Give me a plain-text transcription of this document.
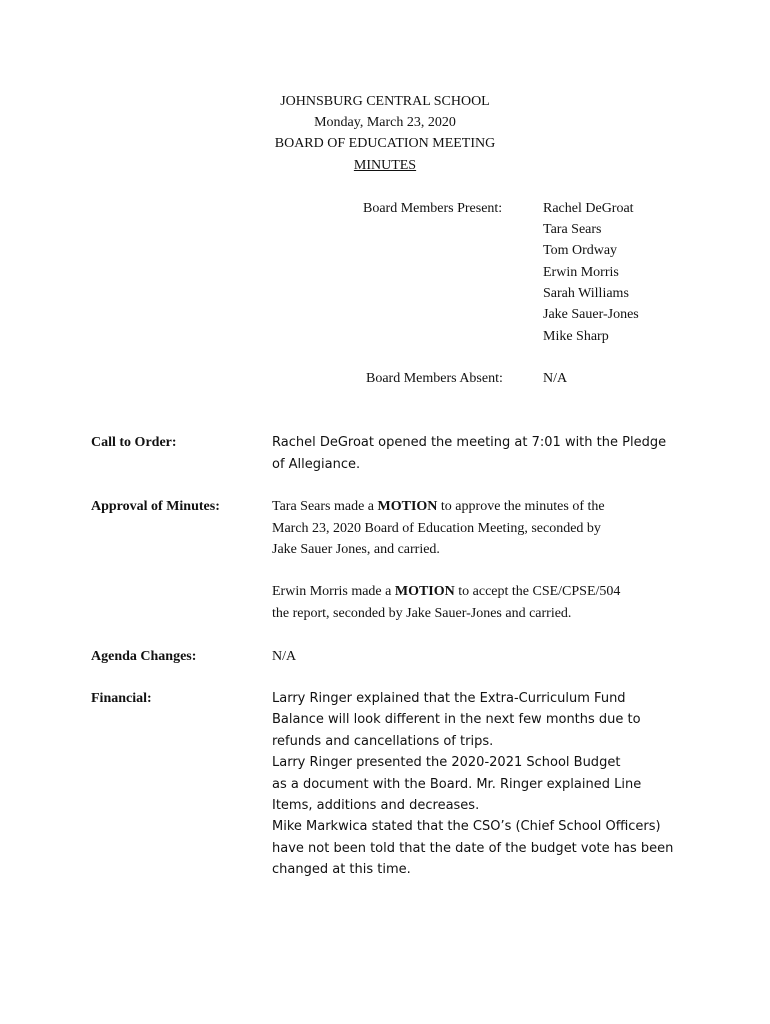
JOHNSBURG CENTRAL SCHOOL
Monday, March 23, 2020
BOARD OF EDUCATION MEETING
MINUTES
Board Members Present:	Rachel DeGroat
Tara Sears
Tom Ordway
Erwin Morris
Sarah Williams
Jake Sauer-Jones
Mike Sharp
Board Members Absent:	N/A
Call to Order:	Rachel DeGroat opened the meeting at 7:01 with the Pledge
of Allegiance.
Approval of Minutes:	Tara Sears made a MOTION to approve the minutes of the
March 23, 2020 Board of Education Meeting, seconded by
Jake Sauer Jones, and carried.
Erwin Morris made a MOTION to accept the CSE/CPSE/504
the report, seconded by Jake Sauer-Jones and carried.
Agenda Changes:	N/A
Financial:	Larry Ringer explained that the Extra-Curriculum Fund
Balance will look different in the next few months due to
refunds and cancellations of trips.
Larry Ringer presented the 2020-2021 School Budget
as a document with the Board. Mr. Ringer explained Line
Items, additions and decreases.
Mike Markwica stated that the CSO’s (Chief School Officers)
have not been told that the date of the budget vote has been
changed at this time.
